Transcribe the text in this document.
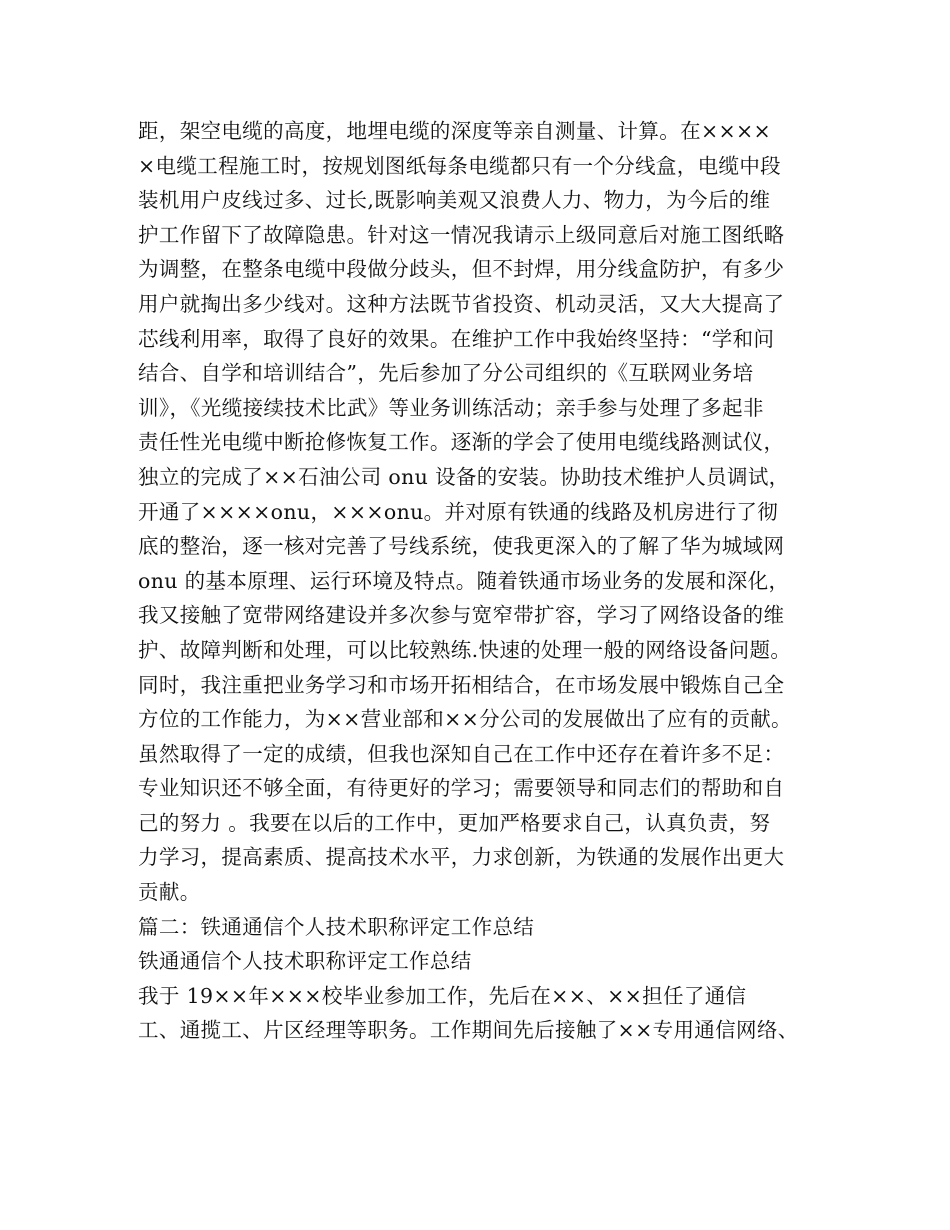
距，架空电缆的高度，地埋电缆的深度等亲自测量、计算。在××××
×电缆工程施工时，按规划图纸每条电缆都只有一个分线盒，电缆中段
装机用户皮线过多、过长,既影响美观又浪费人力、物力，为今后的维
护工作留下了故障隐患。针对这一情况我请示上级同意后对施工图纸略
为调整，在整条电缆中段做分歧头，但不封焊，用分线盒防护，有多少
用户就掏出多少线对。这种方法既节省投资、机动灵活，又大大提高了
芯线利用率，取得了良好的效果。在维护工作中我始终坚持：“学和问
结合、自学和培训结合”，先后参加了分公司组织的《互联网业务培
训》，《光缆接续技术比武》等业务训练活动；亲手参与处理了多起非
责任性光电缆中断抢修恢复工作。逐渐的学会了使用电缆线路测试仪，
独立的完成了××石油公司 onu 设备的安装。协助技术维护人员调试，
开通了××××onu，×××onu。并对原有铁通的线路及机房进行了彻
底的整治，逐一核对完善了号线系统，使我更深入的了解了华为城域网
onu 的基本原理、运行环境及特点。随着铁通市场业务的发展和深化，
我又接触了宽带网络建设并多次参与宽窄带扩容，学习了网络设备的维
护、故障判断和处理，可以比较熟练.快速的处理一般的网络设备问题。
同时，我注重把业务学习和市场开拓相结合，在市场发展中锻炼自己全
方位的工作能力，为××营业部和××分公司的发展做出了应有的贡献。
虽然取得了一定的成绩，但我也深知自己在工作中还存在着许多不足：
专业知识还不够全面，有待更好的学习；需要领导和同志们的帮助和自
己的努力 。我要在以后的工作中，更加严格要求自己，认真负责，努
力学习，提高素质、提高技术水平，力求创新，为铁通的发展作出更大
贡献。
篇二：铁通通信个人技术职称评定工作总结
铁通通信个人技术职称评定工作总结
我于 19××年×××校毕业参加工作，先后在××、××担任了通信
工、通揽工、片区经理等职务。工作期间先后接触了××专用通信网络、
